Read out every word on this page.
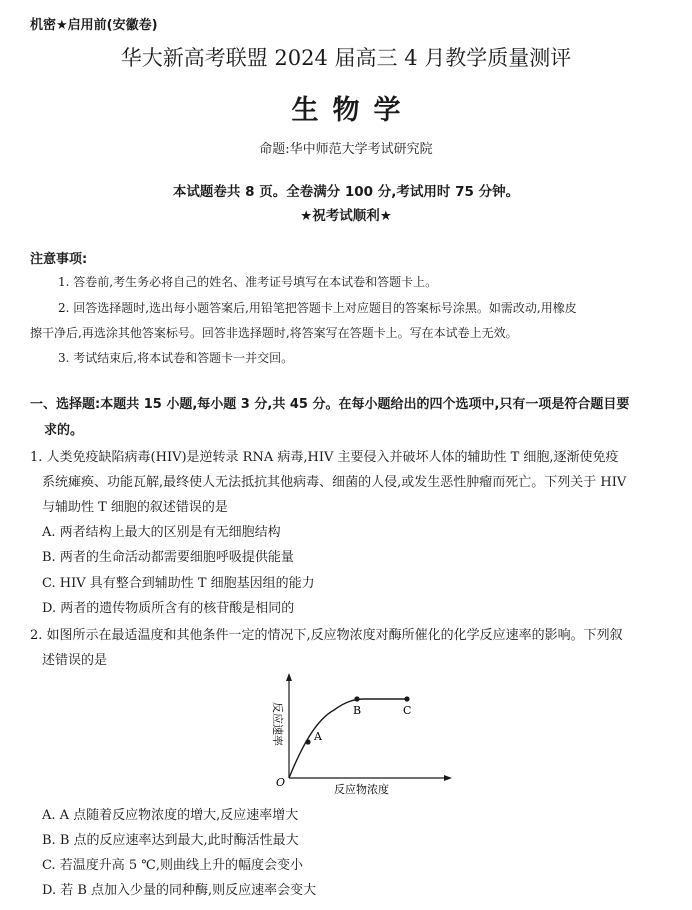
机密★启用前(安徽卷)
华大新高考联盟 2024 届高三 4 月教学质量测评
生物学
命题:华中师范大学考试研究院
本试题卷共 8 页。全卷满分 100 分,考试用时 75 分钟。
★祝考试顺利★
注意事项:
1. 答卷前,考生务必将自己的姓名、准考证号填写在本试卷和答题卡上。
2. 回答选择题时,选出每小题答案后,用铅笔把答题卡上对应题目的答案标号涂黑。如需改动,用橡皮
擦干净后,再选涂其他答案标号。回答非选择题时,将答案写在答题卡上。写在本试卷上无效。
3. 考试结束后,将本试卷和答题卡一并交回。
一、选择题:本题共 15 小题,每小题 3 分,共 45 分。在每小题给出的四个选项中,只有一项是符合题目要
求的。
1. 人类免疫缺陷病毒(HIV)是逆转录 RNA 病毒,HIV 主要侵入并破坏人体的辅助性 T 细胞,逐渐使免疫
系统瘫痪、功能瓦解,最终使人无法抵抗其他病毒、细菌的人侵,或发生恶性肿瘤而死亡。下列关于 HIV
与辅助性 T 细胞的叙述错误的是
A. 两者结构上最大的区别是有无细胞结构
B. 两者的生命活动都需要细胞呼吸提供能量
C. HIV 具有整合到辅助性 T 细胞基因组的能力
D. 两者的遗传物质所含有的核苷酸是相同的
2. 如图所示在最适温度和其他条件一定的情况下,反应物浓度对酶所催化的化学反应速率的影响。下列叙
述错误的是
A
B	C
O
反应物浓度
反应速率
A. A 点随着反应物浓度的增大,反应速率增大
B. B 点的反应速率达到最大,此时酶活性最大
C. 若温度升高 5 ℃,则曲线上升的幅度会变小
D. 若 B 点加入少量的同种酶,则反应速率会变大
